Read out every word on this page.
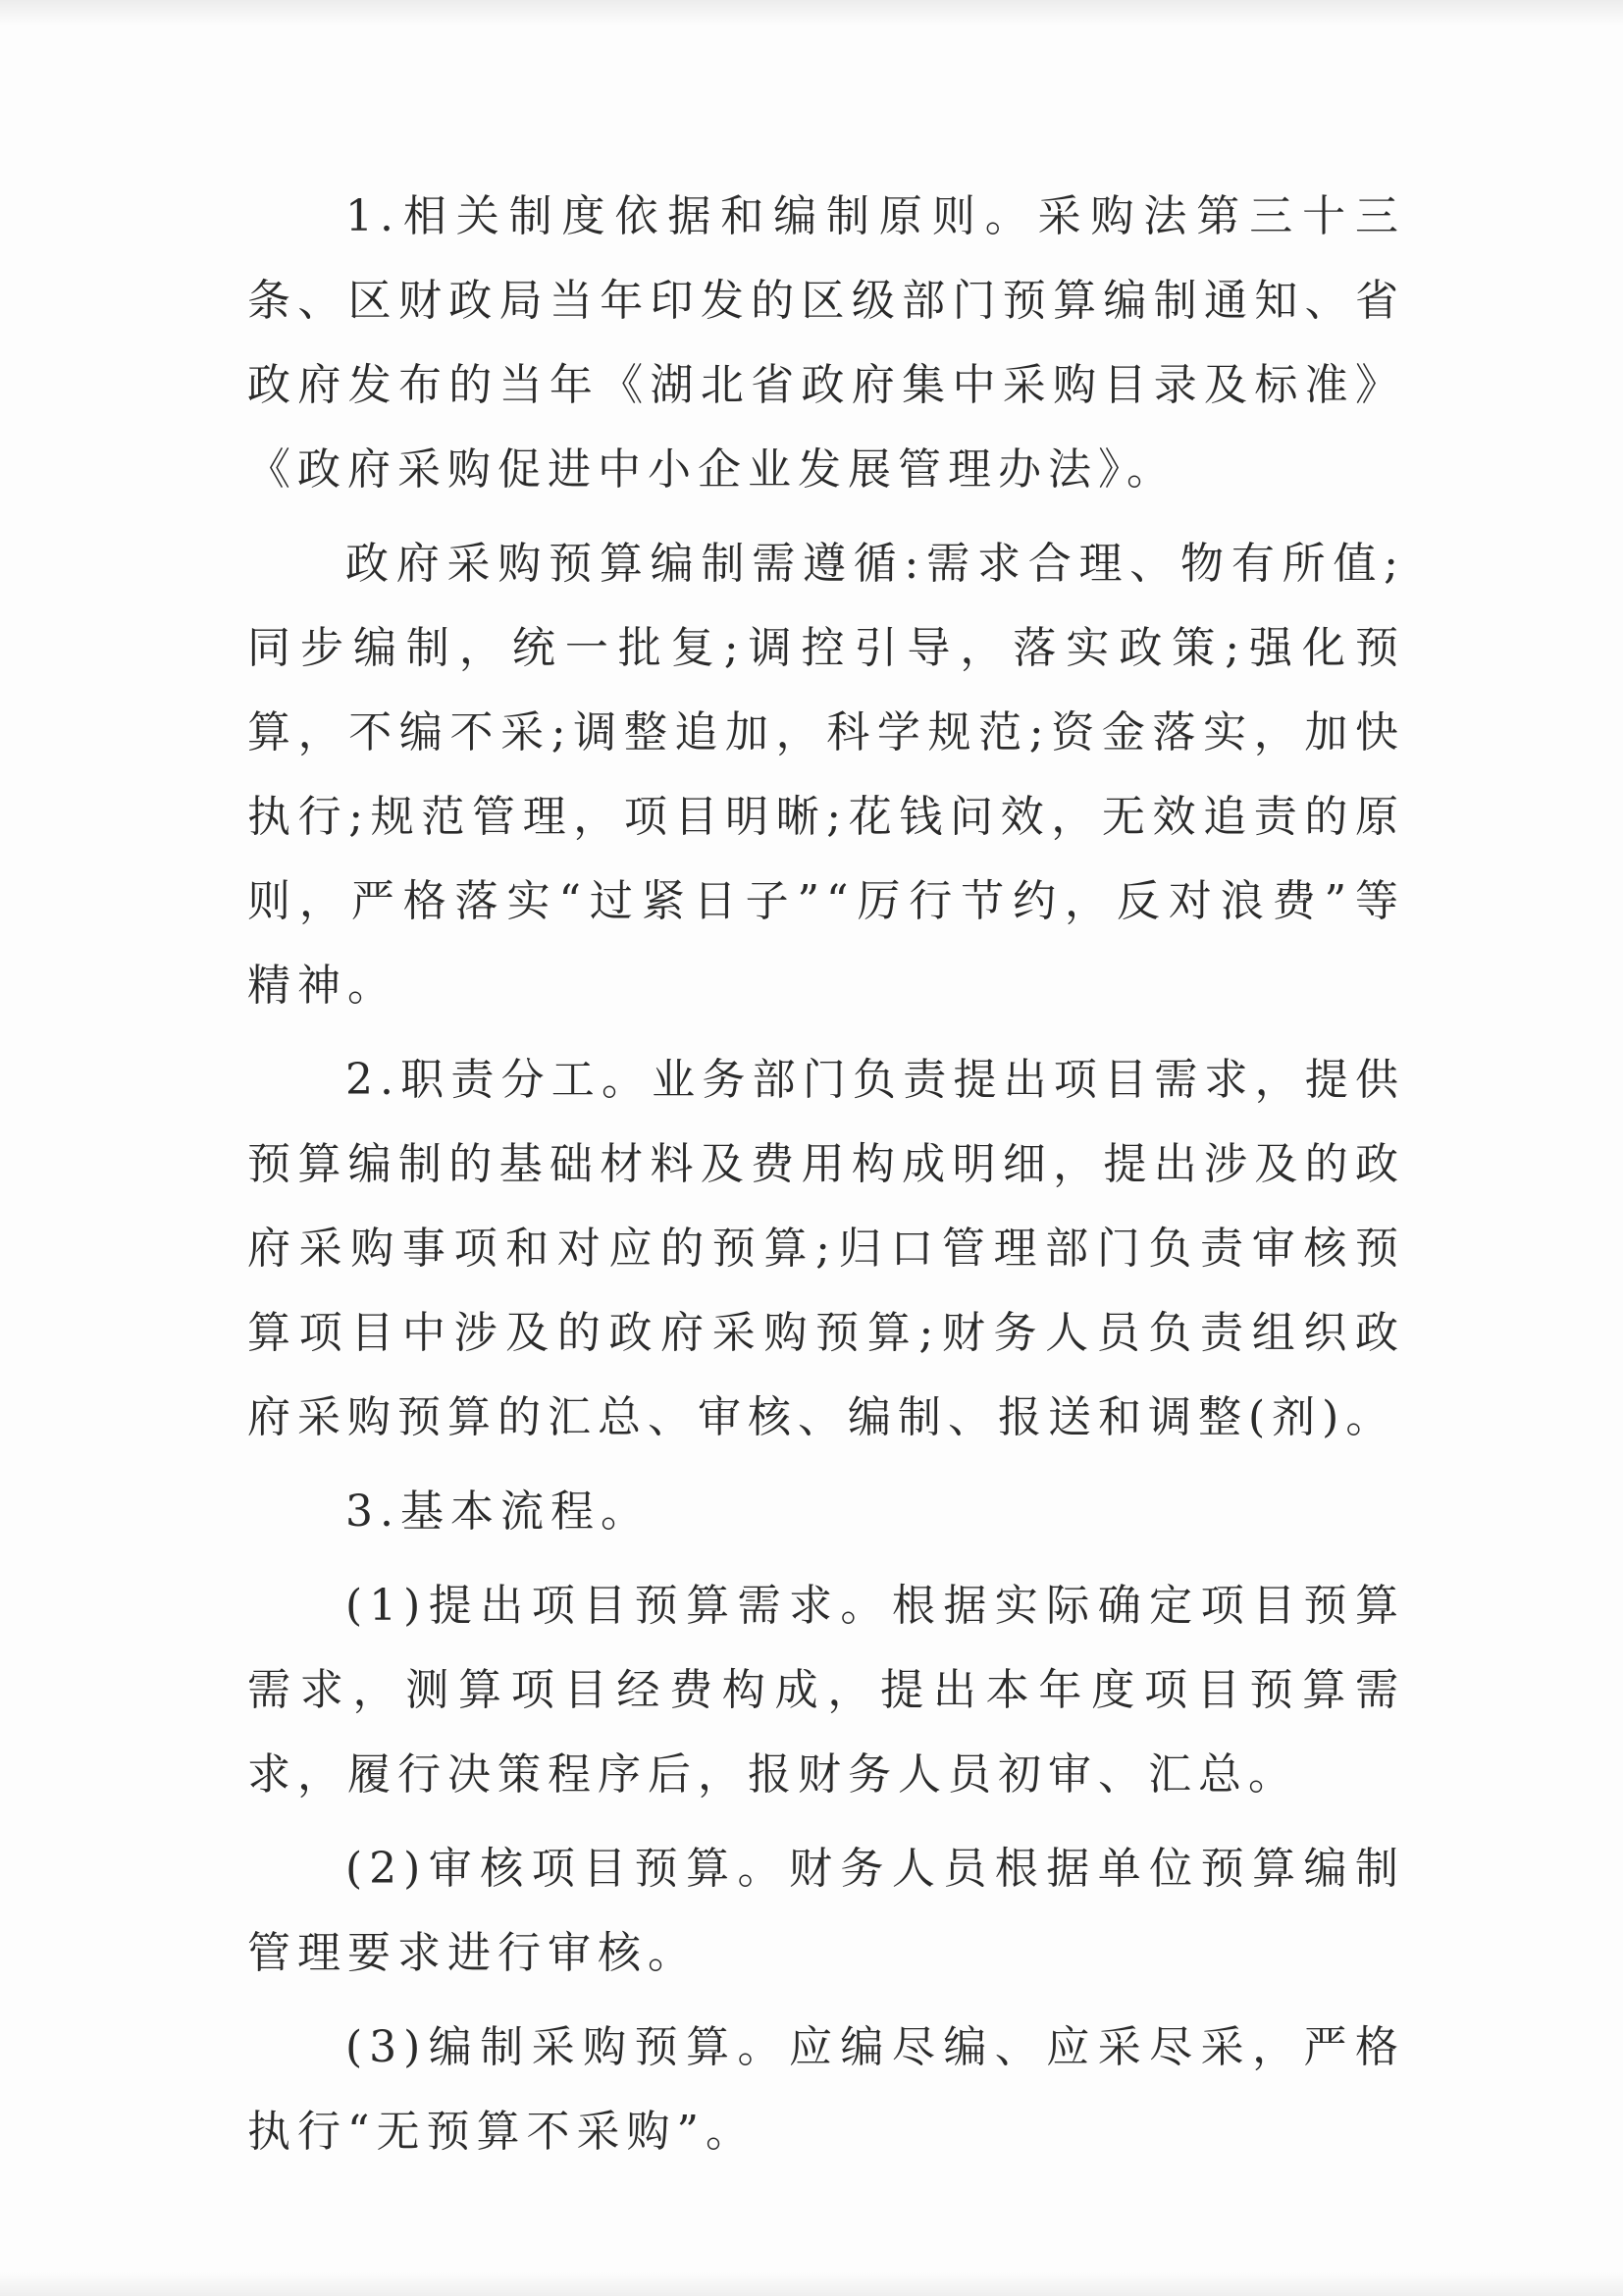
1.相关制度依据和编制原则。采购法第三十三条、区财政局当年印发的区级部门预算编制通知、省政府发布的当年《湖北省政府集中采购目录及标准》《政府采购促进中小企业发展管理办法》。

政府采购预算编制需遵循:需求合理、物有所值;同步编制，统一批复;调控引导，落实政策;强化预算，不编不采;调整追加，科学规范;资金落实，加快执行;规范管理，项目明晰;花钱问效，无效追责的原则，严格落实“过紧日子”“厉行节约，反对浪费”等精神。

2.职责分工。业务部门负责提出项目需求，提供预算编制的基础材料及费用构成明细，提出涉及的政府采购事项和对应的预算;归口管理部门负责审核预算项目中涉及的政府采购预算;财务人员负责组织政府采购预算的汇总、审核、编制、报送和调整(剂)。

3.基本流程。

(1)提出项目预算需求。根据实际确定项目预算需求，测算项目经费构成，提出本年度项目预算需求，履行决策程序后，报财务人员初审、汇总。

(2)审核项目预算。财务人员根据单位预算编制管理要求进行审核。

(3)编制采购预算。应编尽编、应采尽采，严格执行“无预算不采购”。
